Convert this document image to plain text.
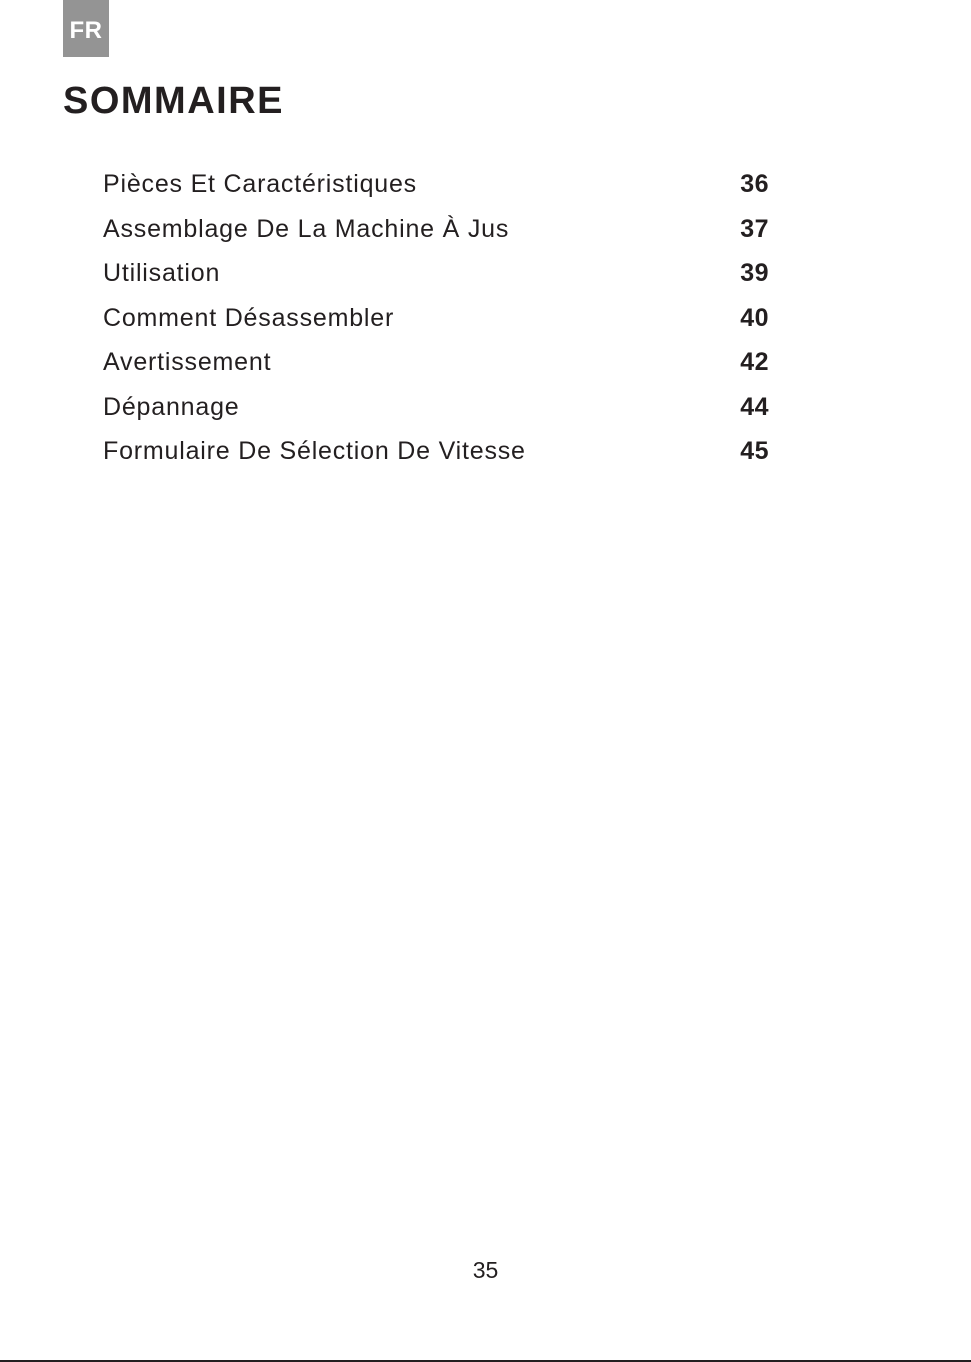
FR
SOMMAIRE
Pièces Et Caractéristiques	36
Assemblage De La Machine À Jus	37
Utilisation	39
Comment Désassembler	40
Avertissement	42
Dépannage	44
Formulaire De Sélection De Vitesse	45
35
